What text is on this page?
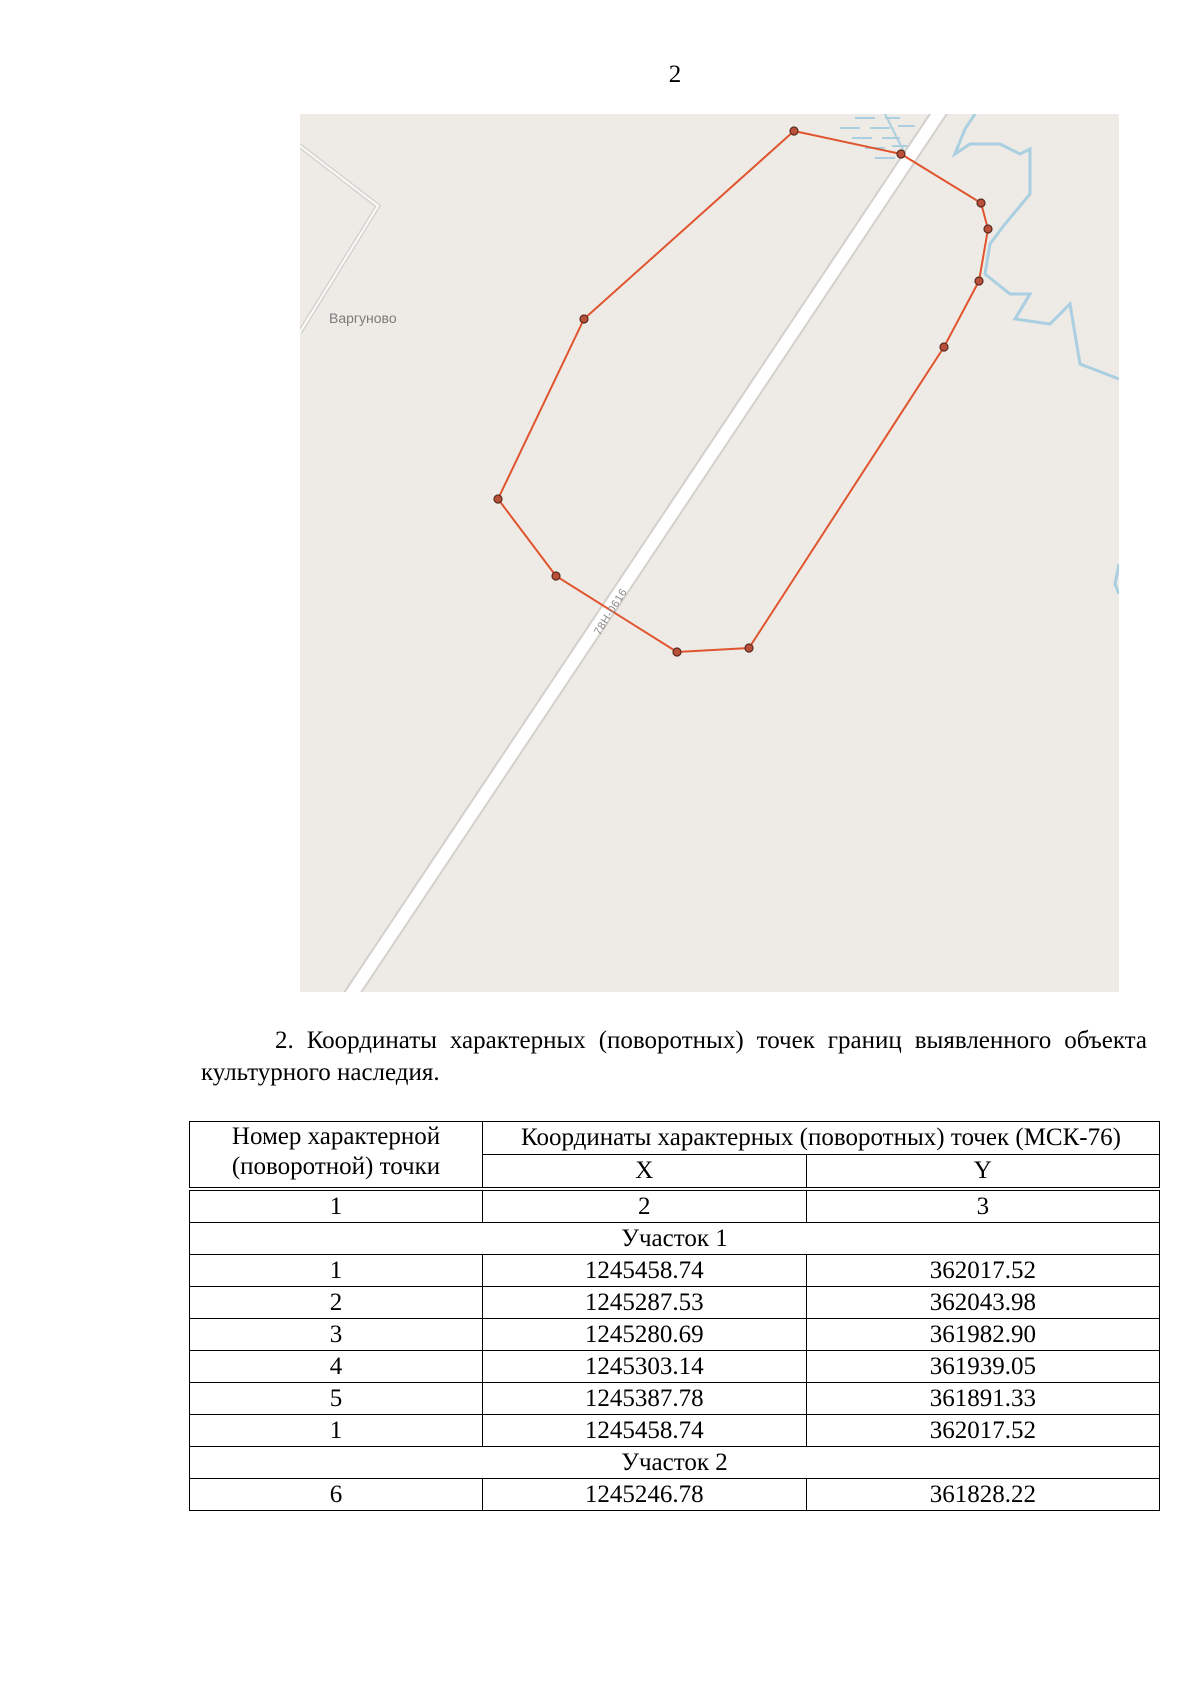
2
Варгуново
78Н-0616
2. Координаты характерных (поворотных) точек границ выявленного объекта культурного наследия.
Номер характерной (поворотной) точки	Координаты характерных (поворотных) точек (МСК-76)	
	X	Y
1	2	3
Участок 1		
1	1245458.74	362017.52
2	1245287.53	362043.98
3	1245280.69	361982.90
4	1245303.14	361939.05
5	1245387.78	361891.33
1	1245458.74	362017.52
Участок 2		
6	1245246.78	361828.22
